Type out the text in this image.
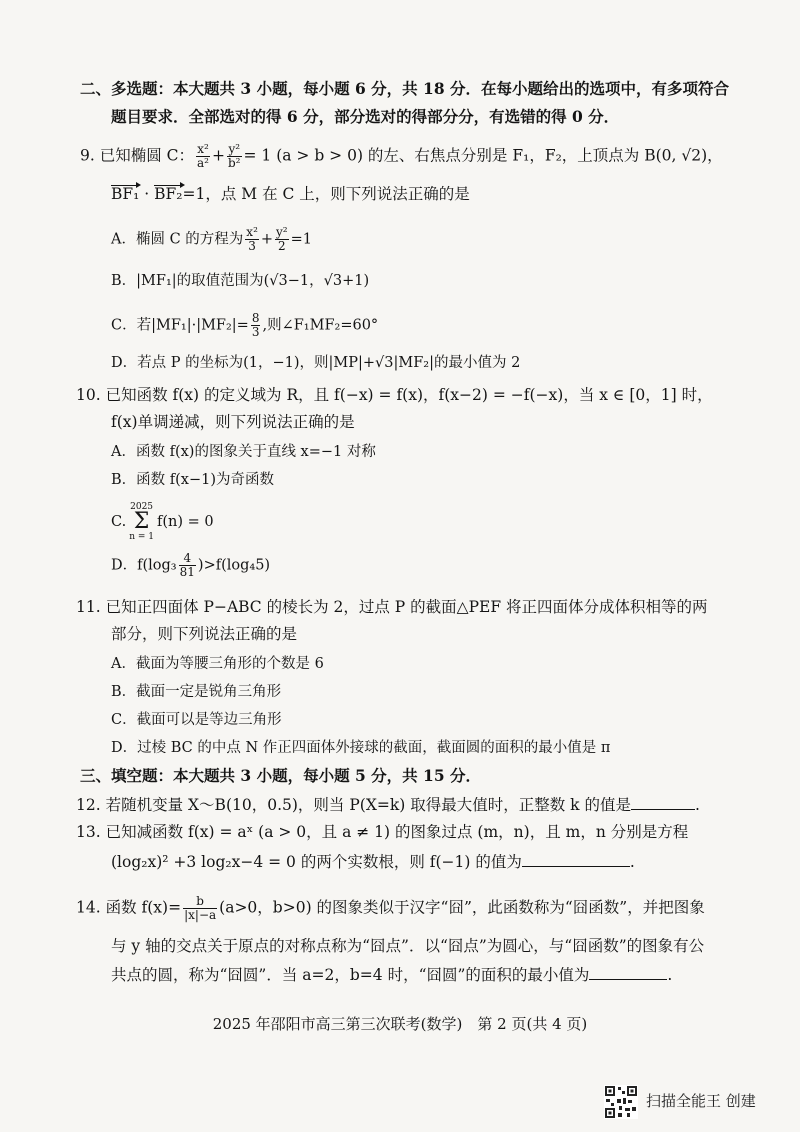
二、多选题：本大题共 3 小题，每小题 6 分，共 18 分．在每小题给出的选项中，有多项符合
题目要求．全部选对的得 6 分，部分选对的得部分分，有选错的得 0 分．
9. 已知椭圆 C： $\frac{\text{x²}}{\text{a²}} + \frac{\text{y²}}{\text{b²}} = 1$ (a > b > 0) 的左、右焦点分别是 F₁，F₂，上顶点为 B(0, √2)，
BF₁ · BF₂=1，点 M 在 C 上，则下列说法正确的是
A．椭圆 C 的方程为 $\frac{\text{x²}}{3} + \frac{\text{y²}}{2} =1$
B．|MF₁|的取值范围为(√3−1，√3+1)
C．若$|MF_1|\cdot|MF_2|= \frac{8}{3}$ ,则∠F₁MF₂=60°
D．若点 P 的坐标为(1，−1)，则|MP|+√3|MF₂|的最小值为 2
10. 已知函数 f(x) 的定义域为 R，且 f(−x) = f(x)，f(x−2) = −f(−x)，当 x ∈ [0，1] 时，
f(x)单调递减，则下列说法正确的是
A．函数 f(x)的图象关于直线 x=−1 对称
B．函数 f(x−1)为奇函数
C.2025
Σ
n = 1f(n) = 0
D．$f(\log_3 \frac{4}{81} )>f(\log_45)$
11. 已知正四面体 P−ABC 的棱长为 2，过点 P 的截面△PEF 将正四面体分成体积相等的两
部分，则下列说法正确的是
A．截面为等腰三角形的个数是 6
B．截面一定是锐角三角形
C．截面可以是等边三角形
D．过棱 BC 的中点 N 作正四面体外接球的截面，截面圆的面积的最小值是 π
三、填空题：本大题共 3 小题，每小题 5 分，共 15 分．
12. 若随机变量 X～B(10，0.5)，则当 P(X=k) 取得最大值时，正整数 k 的值是	.
13. 已知减函数 f(x) = aˣ (a > 0，且 a ≠ 1) 的图象过点 (m，n)，且 m，n 分别是方程
(log₂x)² +3 log₂x−4 = 0 的两个实数根，则 f(−1) 的值为	.
14. 函数 $f(x)= \frac{b}{|x|-a} (a>0$，b>0) 的图象类似于汉字“囧”，此函数称为“囧函数”，并把图象
与 y 轴的交点关于原点的对称点称为“囧点”．以“囧点”为圆心，与“囧函数”的图象有公
共点的圆，称为“囧圆”．当 a=2，b=4 时，“囧圆”的面积的最小值为	.
2025 年邵阳市高三第三次联考(数学)　第 2 页(共 4 页)
扫描全能王 创建
